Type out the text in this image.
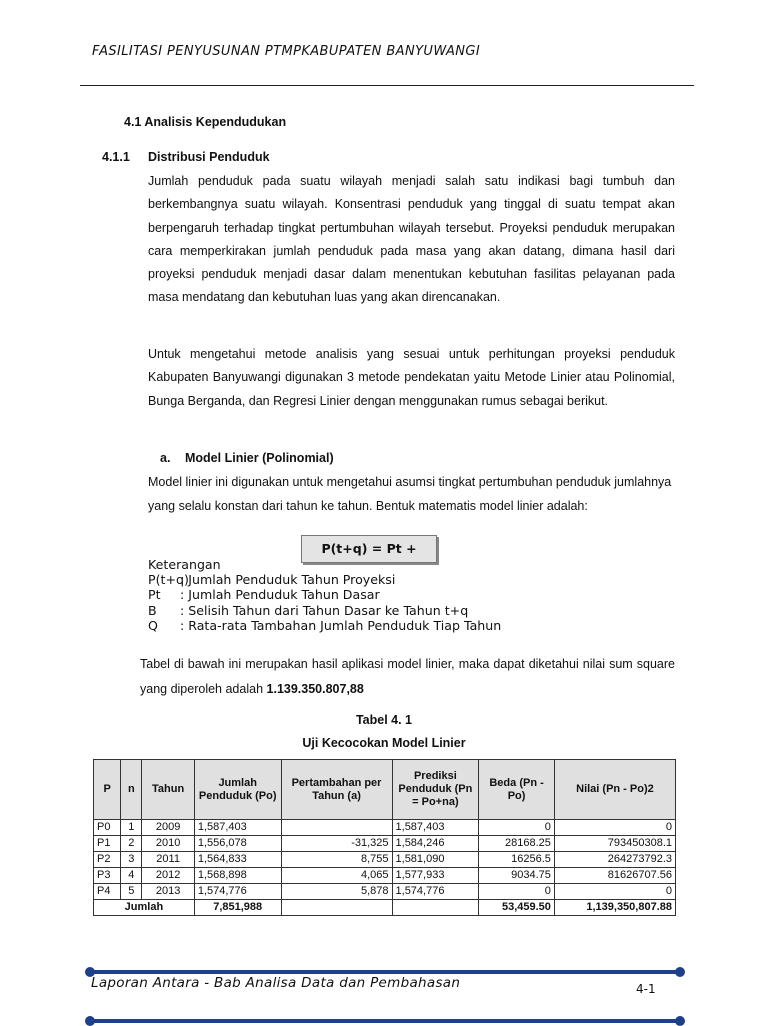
FASILITASI PENYUSUNAN PTMPKABUPATEN BANYUWANGI
4.1 Analisis Kependudukan
4.1.1 Distribusi Penduduk
Jumlah penduduk pada suatu wilayah menjadi salah satu indikasi bagi tumbuh dan berkembangnya suatu wilayah. Konsentrasi penduduk yang tinggal di suatu tempat akan berpengaruh terhadap tingkat pertumbuhan wilayah tersebut. Proyeksi penduduk merupakan cara memperkirakan jumlah penduduk pada masa yang akan datang, dimana hasil dari proyeksi penduduk menjadi dasar dalam menentukan kebutuhan fasilitas pelayanan pada masa mendatang dan kebutuhan luas yang akan direncanakan.
Untuk mengetahui metode analisis yang sesuai untuk perhitungan proyeksi penduduk Kabupaten Banyuwangi digunakan 3 metode pendekatan yaitu Metode Linier atau Polinomial, Bunga Berganda, dan Regresi Linier dengan menggunakan rumus sebagai berikut.
a. Model Linier (Polinomial)
Model linier ini digunakan untuk mengetahui asumsi tingkat pertumbuhan penduduk jumlahnya yang selalu konstan dari tahun ke tahun. Bentuk matematis model linier adalah:
P(t+q) = Pt +
Keterangan
P(t+q): Jumlah Penduduk Tahun Proyeksi
Pt : Jumlah Penduduk Tahun Dasar
B : Selisih Tahun dari Tahun Dasar ke Tahun t+q
Q : Rata-rata Tambahan Jumlah Penduduk Tiap Tahun
Tabel di bawah ini merupakan hasil aplikasi model linier, maka dapat diketahui nilai sum square yang diperoleh adalah 1.139.350.807,88
Tabel 4. 1
Uji Kecocokan Model Linier
P	n	Tahun	Jumlah Penduduk (Po)	Pertambahan per Tahun (a)	Prediksi Penduduk (Pn = Po+na)	Beda (Pn - Po)	Nilai (Pn - Po)2
P0	1	2009	1,587,403		1,587,403	0	0
P1	2	2010	1,556,078	-31,325	1,584,246	28168.25	793450308.1
P2	3	2011	1,564,833	8,755	1,581,090	16256.5	264273792.3
P3	4	2012	1,568,898	4,065	1,577,933	9034.75	81626707.56
P4	5	2013	1,574,776	5,878	1,574,776	0	0
Jumlah			7,851,988			53,459.50	1,139,350,807.88
Laporan Antara - Bab Analisa Data dan Pembahasan	4-1
